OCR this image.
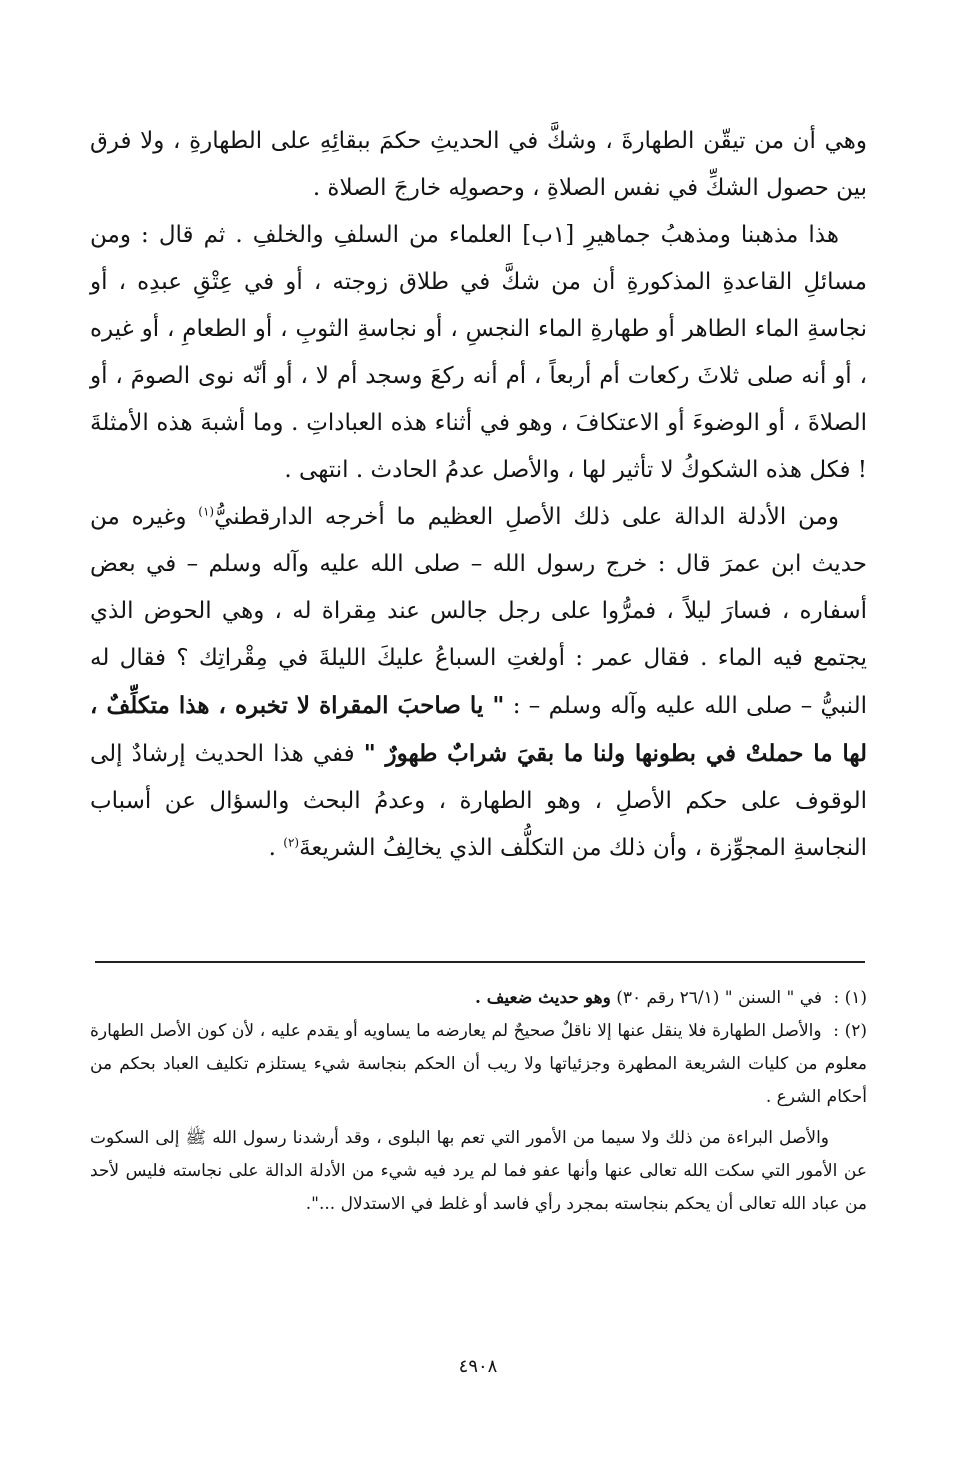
وهي أن من تيقّن الطهارةَ ، وشكَّ في الحديثِ حكمَ ببقائِهِ على الطهارةِ ، ولا فرق بين حصول الشكِّ في نفس الصلاةِ ، وحصولِه خارجَ الصلاة .

هذا مذهبنا ومذهبُ جماهيرِ [١ب] العلماء من السلفِ والخلفِ . ثم قال : ومن مسائلِ القاعدةِ المذكورةِ أن من شكَّ في طلاق زوجته ، أو في عِتْقِ عبدِه ، أو نجاسةِ الماء الطاهر أو طهارةِ الماء النجسِ ، أو نجاسةِ الثوبِ ، أو الطعامِ ، أو غيره ، أو أنه صلى ثلاثَ ركعات أم أربعاً ، أم أنه ركعَ وسجد أم لا ، أو أنّه نوى الصومَ ، أو الصلاةَ ، أو الوضوءَ أو الاعتكافَ ، وهو في أثناء هذه العباداتِ . وما أشبهَ هذه الأمثلةَ ! فكل هذه الشكوكُ لا تأثير لها ، والأصل عدمُ الحادث . انتهى .

ومن الأدلة الدالة على ذلك الأصلِ العظيم ما أخرجه الدارقطنيُّ$^{(١)}$ وغيره من حديث ابن عمرَ قال : خرج رسول الله – صلى الله عليه وآله وسلم – في بعض أسفاره ، فسارَ ليلاً ، فمرُّوا على رجل جالس عند مِقراة له ، وهي الحوض الذي يجتمع فيه الماء . فقال عمر : أولغتِ السباعُ عليكَ الليلةَ في مِقْراتِك ؟ فقال له النبيُّ – صلى الله عليه وآله وسلم – : " يا صاحبَ المقراة لا تخبره ، هذا متكلِّفٌ ، لها ما حملتْ في بطونها ولنا ما بقيَ شرابٌ طهورٌ " ففي هذا الحديث إرشادٌ إلى الوقوف على حكم الأصلِ ، وهو الطهارة ، وعدمُ البحث والسؤال عن أسباب النجاسةِ المجوِّزة ، وأن ذلك من التكلُّف الذي يخالِفُ الشريعةَ$^{(٢)}$ .

(١) : في " السنن " (٢٦/١ رقم ٣٠) وهو حديث ضعيف .

(٢) : والأصل الطهارة فلا ينقل عنها إلا ناقلٌ صحيحٌ لم يعارضه ما يساويه أو يقدم عليه ، لأن كون الأصل الطهارة معلوم من كليات الشريعة المطهرة وجزئياتها ولا ريب أن الحكم بنجاسة شيء يستلزم تكليف العباد بحكم من أحكام الشرع .

والأصل البراءة من ذلك ولا سيما من الأمور التي تعم بها البلوى ، وقد أرشدنا رسول الله ﷺ إلى السكوت عن الأمور التي سكت الله تعالى عنها وأنها عفو فما لم يرد فيه شيء من الأدلة الدالة على نجاسته فليس لأحد من عباد الله تعالى أن يحكم بنجاسته بمجرد رأي فاسد أو غلط في الاستدلال ...".

٤٩٠٨
